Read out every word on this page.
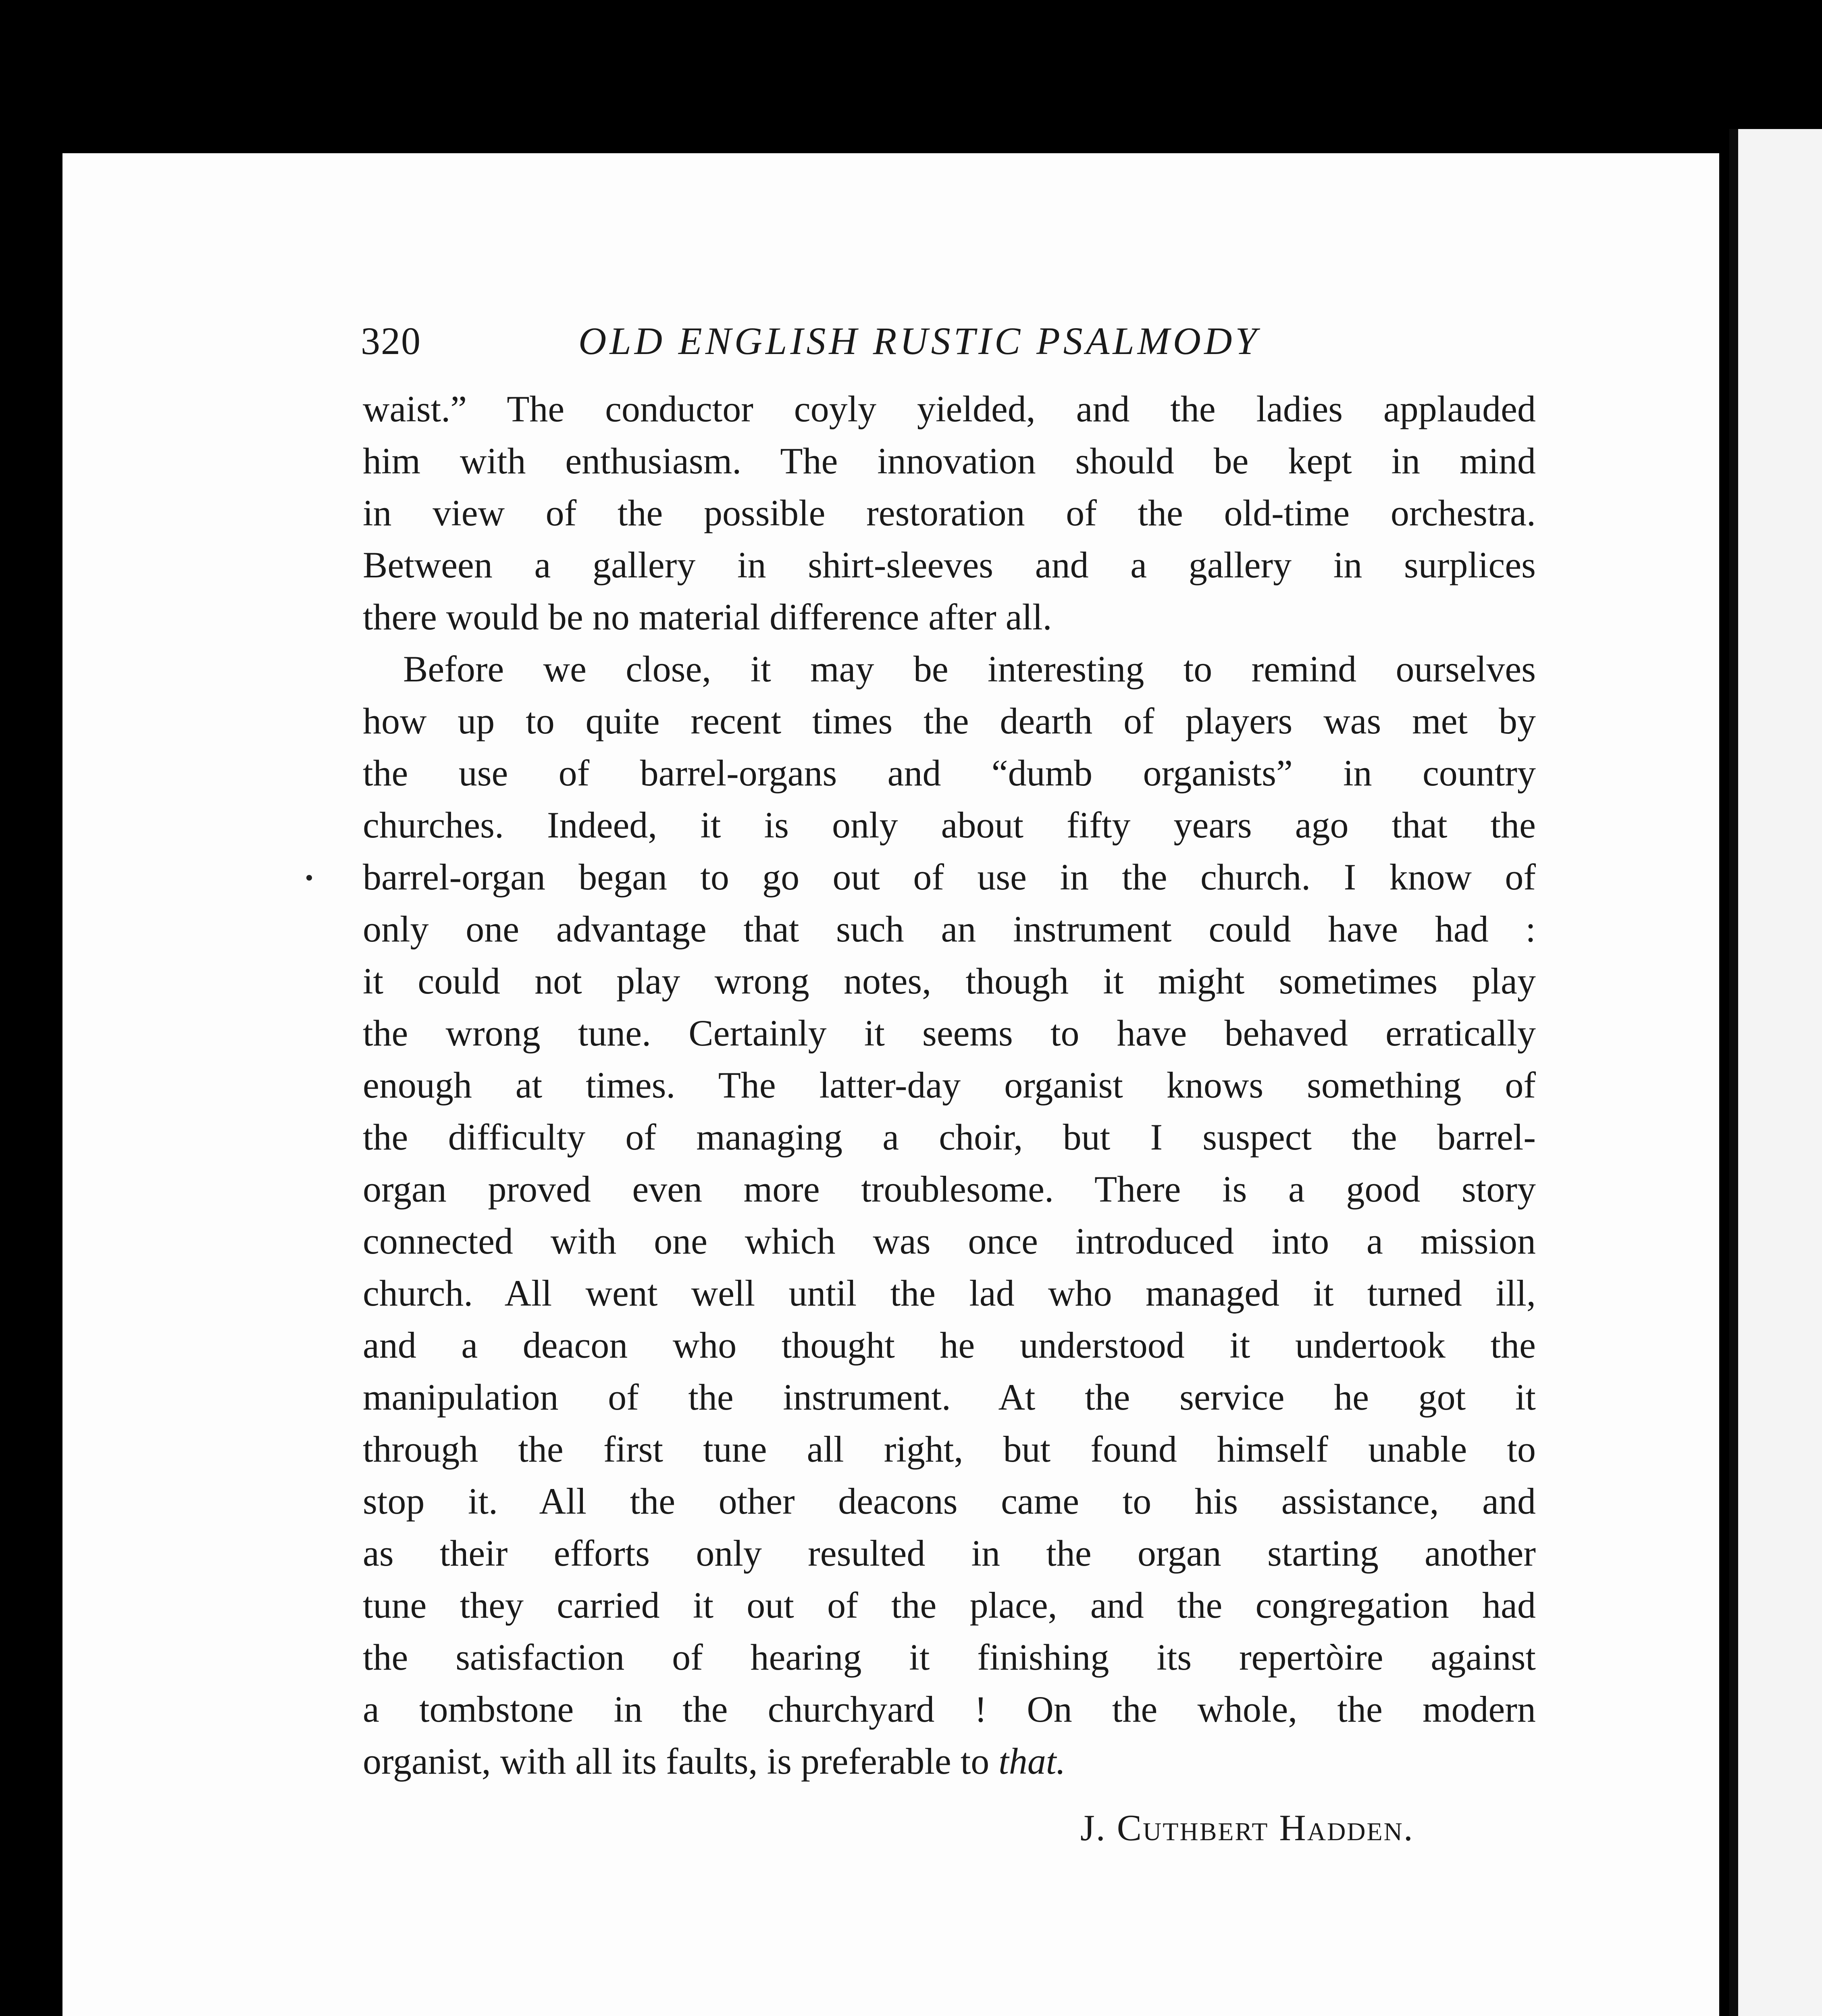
320	OLD ENGLISH RUSTIC PSALMODY
waist.” The conductor coyly yielded, and the ladies applauded
him with enthusiasm. The innovation should be kept in mind
in view of the possible restoration of the old-time orchestra.
Between a gallery in shirt-sleeves and a gallery in surplices
there would be no material difference after all.
Before we close, it may be interesting to remind ourselves
how up to quite recent times the dearth of players was met by
the use of barrel-organs and “dumb organists” in country
churches. Indeed, it is only about fifty years ago that the
barrel-organ began to go out of use in the church. I know of
only one advantage that such an instrument could have had :
it could not play wrong notes, though it might sometimes play
the wrong tune. Certainly it seems to have behaved erratically
enough at times. The latter-day organist knows something of
the difficulty of managing a choir, but I suspect the barrel-
organ proved even more troublesome. There is a good story
connected with one which was once introduced into a mission
church. All went well until the lad who managed it turned ill,
and a deacon who thought he understood it undertook the
manipulation of the instrument. At the service he got it
through the first tune all right, but found himself unable to
stop it. All the other deacons came to his assistance, and
as their efforts only resulted in the organ starting another
tune they carried it out of the place, and the congregation had
the satisfaction of hearing it finishing its repertòire against
a tombstone in the churchyard ! On the whole, the modern
organist, with all its faults, is preferable to that.
J. Cuthbert Hadden.
